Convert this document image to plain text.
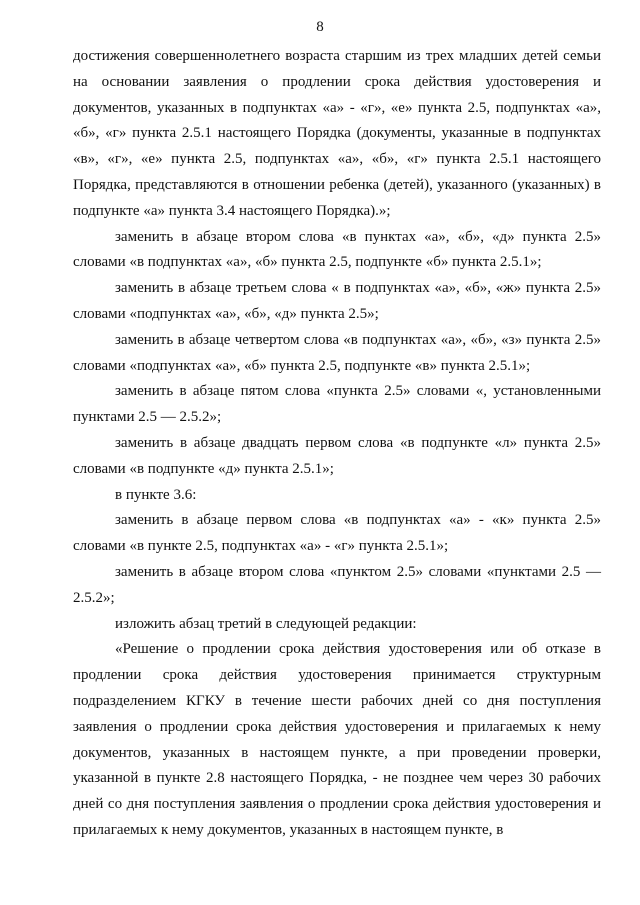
8

достижения совершеннолетнего возраста старшим из трех младших детей семьи на основании заявления о продлении срока действия удостоверения и документов, указанных в подпунктах «а» - «г», «е» пункта 2.5, подпунктах «а», «б», «г» пункта 2.5.1 настоящего Порядка (документы, указанные в подпунктах «в», «г», «е» пункта 2.5, подпунктах «а», «б», «г» пункта 2.5.1 настоящего Порядка, представляются в отношении ребенка (детей), указанного (указанных) в подпункте «а» пункта 3.4 настоящего Порядка).»;

заменить в абзаце втором слова «в пунктах «а», «б», «д» пункта 2.5» словами «в подпунктах «а», «б» пункта 2.5, подпункте «б» пункта 2.5.1»;

заменить в абзаце третьем слова « в подпунктах «а», «б», «ж» пункта 2.5» словами «подпунктах «а», «б», «д» пункта 2.5»;

заменить в абзаце четвертом слова «в подпунктах «а», «б», «з» пункта 2.5» словами «подпунктах «а», «б» пункта 2.5, подпункте «в» пункта 2.5.1»;

заменить в абзаце пятом слова «пункта 2.5» словами «, установленными пунктами 2.5 — 2.5.2»;

заменить в абзаце двадцать первом слова «в подпункте «л» пункта 2.5» словами «в подпункте «д» пункта 2.5.1»;

в пункте 3.6:

заменить в абзаце первом слова «в подпунктах «а» - «к» пункта 2.5» словами «в пункте 2.5, подпунктах «а» - «г» пункта 2.5.1»;

заменить в абзаце втором слова «пунктом 2.5» словами «пунктами 2.5 — 2.5.2»;

изложить абзац третий в следующей редакции:

«Решение о продлении срока действия удостоверения или об отказе в продлении срока действия удостоверения принимается структурным подразделением КГКУ в течение шести рабочих дней со дня поступления заявления о продлении срока действия удостоверения и прилагаемых к нему документов, указанных в настоящем пункте, а при проведении проверки, указанной в пункте 2.8 настоящего Порядка, - не позднее чем через 30 рабочих дней со дня поступления заявления о продлении срока действия удостоверения и прилагаемых к нему документов, указанных в настоящем пункте, в
